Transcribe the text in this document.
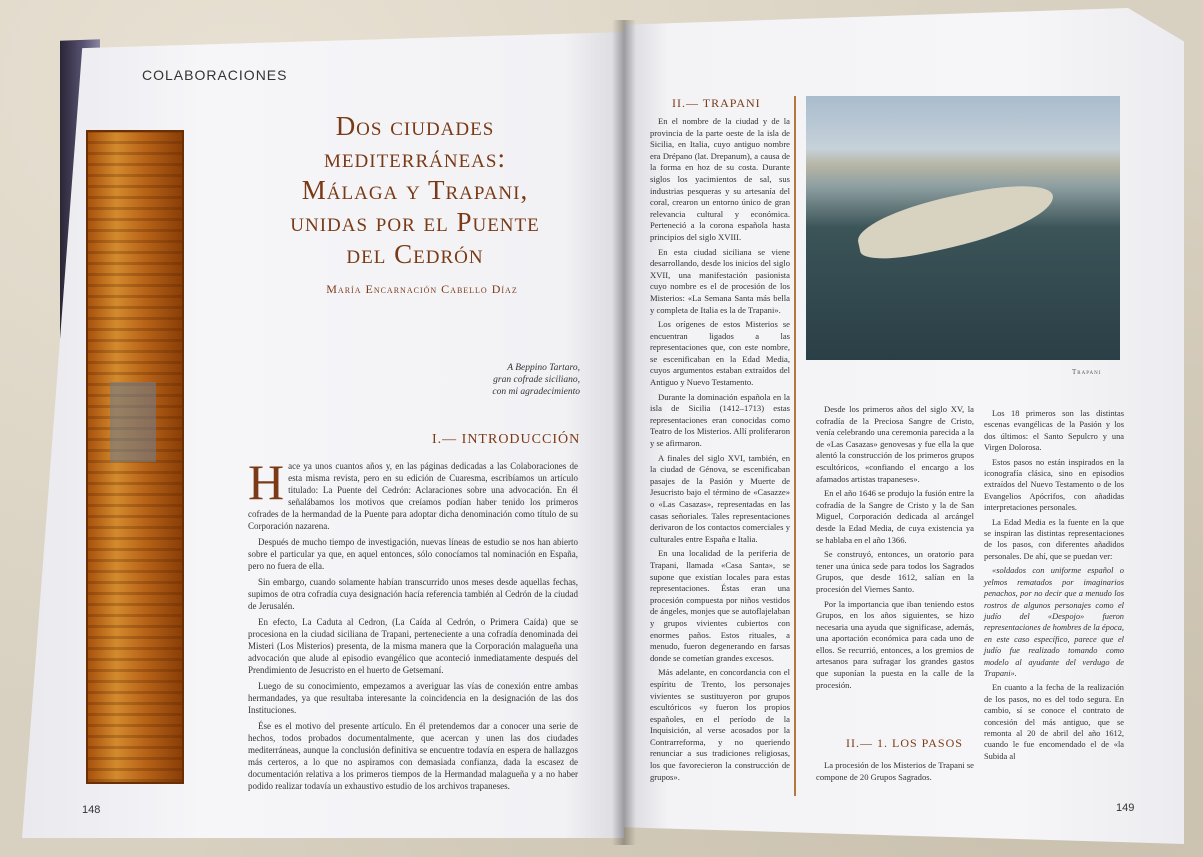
COLABORACIONES
Dos ciudades mediterráneas: Málaga y Trapani, unidas por el Puente del Cedrón
María Encarnación Cabello Díaz
A Beppino Tartaro,
gran cofrade siciliano,
con mi agradecimiento
I.— INTRODUCCIÓN

Hace ya unos cuantos años y, en las páginas dedicadas a las Colaboraciones de esta misma revista, pero en su edición de Cuaresma, escribíamos un artículo titulado: La Puente del Cedrón: Aclaraciones sobre una advocación. En él señalábamos los motivos que creíamos podían haber tenido los primeros cofrades de la hermandad de la Puente para adoptar dicha denominación como título de su Corporación nazarena.

Después de mucho tiempo de investigación, nuevas líneas de estudio se nos han abierto sobre el particular ya que, en aquel entonces, sólo conocíamos tal nominación en España, pero no fuera de ella.

Sin embargo, cuando solamente habían transcurrido unos meses desde aquellas fechas, supimos de otra cofradía cuya designación hacía referencia también al Cedrón de la ciudad de Jerusalén.

En efecto, La Caduta al Cedron, (La Caída al Cedrón, o Primera Caída) que se procesiona en la ciudad siciliana de Trapani, perteneciente a una cofradía denominada dei Misteri (Los Misterios) presenta, de la misma manera que la Corporación malagueña una advocación que alude al episodio evangélico que aconteció inmediatamente después del Prendimiento de Jesucristo en el huerto de Getsemaní.

Luego de su conocimiento, empezamos a averiguar las vías de conexión entre ambas hermandades, ya que resultaba interesante la coincidencia en la designación de las dos Instituciones.

Ése es el motivo del presente artículo. En él pretendemos dar a conocer una serie de hechos, todos probados documentalmente, que acercan y unen las dos ciudades mediterráneas, aunque la conclusión definitiva se encuentre todavía en espera de hallazgos más certeros, a lo que no aspiramos con demasiada confianza, dada la escasez de documentación relativa a los primeros tiempos de la Hermandad malagueña y a no haber podido realizar todavía un exhaustivo estudio de los archivos trapaneses.

148
II.— TRAPANI

En el nombre de la ciudad y de la provincia de la parte oeste de la isla de Sicilia, en Italia, cuyo antiguo nombre era Drépano (lat. Drepanum), a causa de la forma en hoz de su costa. Durante siglos los yacimientos de sal, sus industrias pesqueras y su artesanía del coral, crearon un entorno único de gran relevancia cultural y económica. Perteneció a la corona española hasta principios del siglo XVIII.

En esta ciudad siciliana se viene desarrollando, desde los inicios del siglo XVII, una manifestación pasionista cuyo nombre es el de procesión de los Misterios: «La Semana Santa más bella y completa de Italia es la de Trapani».

Los orígenes de estos Misterios se encuentran ligados a las representaciones que, con este nombre, se escenificaban en la Edad Media, cuyos argumentos estaban extraídos del Antiguo y Nuevo Testamento.

Durante la dominación española en la isla de Sicilia (1412–1713) estas representaciones eran conocidas como Teatro de los Misterios. Allí proliferaron y se afirmaron.

A finales del siglo XVI, también, en la ciudad de Génova, se escenificaban pasajes de la Pasión y Muerte de Jesucristo bajo el término de «Casazze» o «Las Casazas», representadas en las casas señoriales. Tales representaciones derivaron de los contactos comerciales y culturales entre España e Italia.

En una localidad de la periferia de Trapani, llamada «Casa Santa», se supone que existían locales para estas representaciones. Éstas eran una procesión compuesta por niños vestidos de ángeles, monjes que se autoflajelaban y grupos vivientes cubiertos con enormes paños. Estos rituales, a menudo, fueron degenerando en farsas donde se cometían grandes excesos.

Más adelante, en concordancia con el espíritu de Trento, los personajes vivientes se sustituyeron por grupos escultóricos «y fueron los propios españoles, en el período de la Inquisición, al verse acosados por la Contrarreforma, y no queriendo renunciar a sus tradiciones religiosas, los que favorecieron la construcción de grupos».

Trapani

Desde los primeros años del siglo XV, la cofradía de la Preciosa Sangre de Cristo, venía celebrando una ceremonia parecida a la de «Las Casazas» genovesas y fue ella la que alentó la construcción de los primeros grupos escultóricos, «confiando el encargo a los afamados artistas trapaneses».

En el año 1646 se produjo la fusión entre la cofradía de la Sangre de Cristo y la de San Miguel, Corporación dedicada al arcángel desde la Edad Media, de cuya existencia ya se hablaba en el año 1366.

Se construyó, entonces, un oratorio para tener una única sede para todos los Sagrados Grupos, que desde 1612, salían en la procesión del Viernes Santo.

Por la importancia que iban teniendo estos Grupos, en los años siguientes, se hizo necesaria una ayuda que significase, además, una aportación económica para cada uno de ellos. Se recurrió, entonces, a los gremios de artesanos para sufragar los grandes gastos que suponían la puesta en la calle de la procesión.

II.— 1. LOS PASOS

La procesión de los Misterios de Trapani se compone de 20 Grupos Sagrados.

Los 18 primeros son las distintas escenas evangélicas de la Pasión y los dos últimos: el Santo Sepulcro y una Virgen Dolorosa.

Estos pasos no están inspirados en la iconografía clásica, sino en episodios extraídos del Nuevo Testamento o de los Evangelios Apócrifos, con añadidas interpretaciones personales.

La Edad Media es la fuente en la que se inspiran las distintas representaciones de los pasos, con diferentes añadidos personales. De ahí, que se puedan ver:

«soldados con uniforme español o yelmos rematados por imaginarios penachos, por no decir que a menudo los rostros de algunos personajes como el judío del «Despojo» fueron representaciones de hombres de la época, en este caso específico, parece que el judío fue realizado tomando como modelo al ayudante del verdugo de Trapani».

En cuanto a la fecha de la realización de los pasos, no es del todo segura. En cambio, sí se conoce el contrato de concesión del más antiguo, que se remonta al 20 de abril del año 1612, cuando le fue encomendado el de «la Subida al

149
